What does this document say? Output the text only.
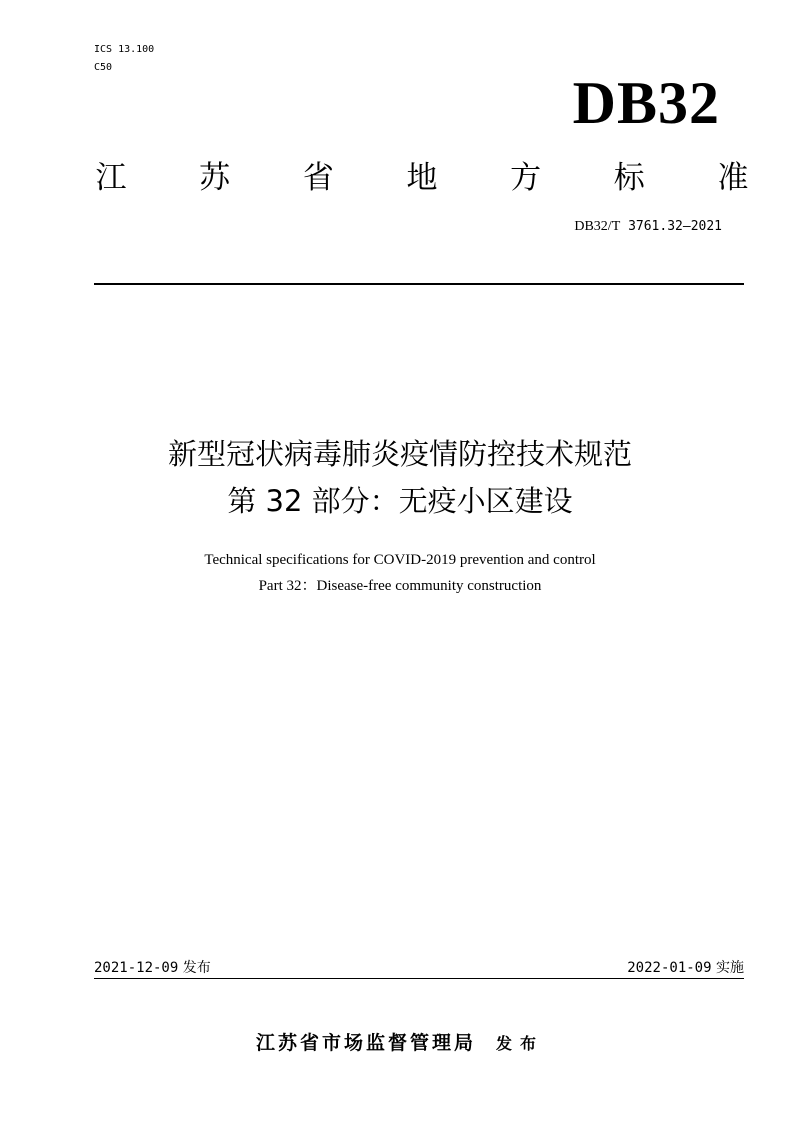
ICS 13.100
C50
DB32
江 苏 省 地 方 标 准
DB32/T 3761.32—2021
新型冠状病毒肺炎疫情防控技术规范
第 32 部分：无疫小区建设
Technical specifications for COVID-2019 prevention and control
Part 32：Disease-free community construction
2021-12-09 发布	2022-01-09 实施
江苏省市场监督管理局 发布
